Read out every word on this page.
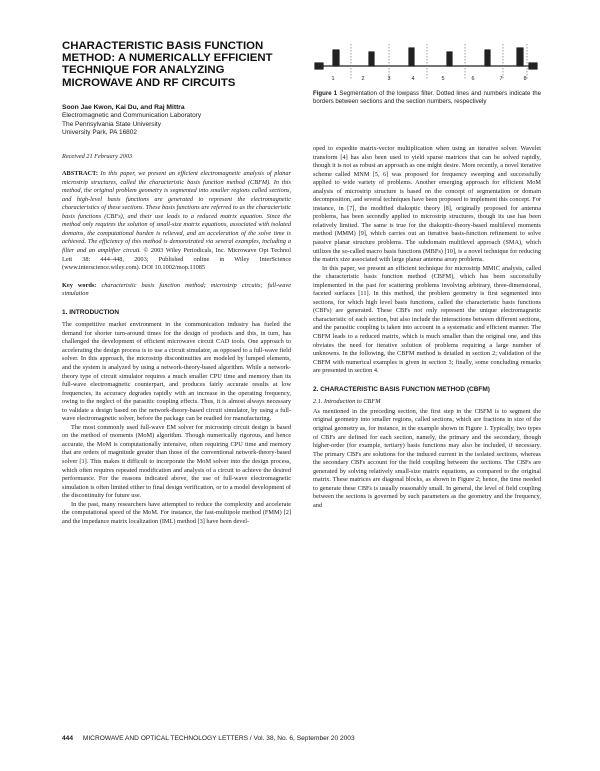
CHARACTERISTIC BASIS FUNCTION METHOD: A NUMERICALLY EFFICIENT TECHNIQUE FOR ANALYZING MICROWAVE AND RF CIRCUITS
Soon Jae Kwon, Kai Du, and Raj Mittra
Electromagnetic and Communication Laboratory
The Pennsylvania State University
University Park, PA 16802
Received 21 February 2003
ABSTRACT: In this paper, we present an efficient electromagnetic analysis of planar microstrip structures, called the characteristic basis function method (CBFM). In this method, the original problem geometry is segmented into smaller regions called sections, and high-level basis functions are generated to represent the electromagnetic characteristics of these sections. These basis functions are referred to as the characteristic basis functions (CBFs), and their use leads to a reduced matrix equation. Since the method only requires the solution of small-size matrix equations, associated with isolated domains, the computational burden is relieved, and an acceleration of the solve time is achieved. The efficiency of this method is demonstrated via several examples, including a filter and an amplifier circuit. © 2003 Wiley Periodicals, Inc. Microwave Opt Technol Lett 38: 444–448, 2003; Published online in Wiley InterScience (www.interscience.wiley.com). DOI 10.1002/mop.11085
Key words: characteristic basis function method; microstrip circuits; full-wave simulation
1. INTRODUCTION

The competitive market environment in the communication industry has fueled the demand for shorter turn-around times for the design of products and this, in turn, has challenged the development of efficient microwave circuit CAD tools. One approach to accelerating the design process is to use a circuit simulator, as opposed to a full-wave field solver. In this approach, the microstrip discontinuities are modeled by lumped elements, and the system is analyzed by using a network-theory-based algorithm. While a network-theory type of circuit simulator requires a much smaller CPU time and memory than its full-wave electromagnetic counterpart, and produces fairly accurate results at low frequencies, its accuracy degrades rapidly with an increase in the operating frequency, owing to the neglect of the parasitic coupling effects. Thus, it is almost always necessary to validate a design based on the network-theory-based circuit simulator, by using a full-wave electromagnetic solver, before the package can be readied for manufacturing.

The most commonly used full-wave EM solver for microstrip circuit design is based on the method of moments (MoM) algorithm. Though numerically rigorous, and hence accurate, the MoM is computationally intensive, often requiring CPU time and memory that are orders of magnitude greater than those of the conventional network-theory-based solver [1]. This makes it difficult to incorporate the MoM solver into the design process, which often requires repeated modification and analysis of a circuit to achieve the desired performance. For the reasons indicated above, the use of full-wave electromagnetic simulation is often limited either to final design verification, or to a model development of the discontinuity for future use.

In the past, many researchers have attempted to reduce the complexity and accelerate the computational speed of the MoM. For instance, the fast-multipole method (FMM) [2] and the impedance matrix localization (IML) method [3] have been devel-

1	2	3	4	5	6	7	8
Figure 1 Segmentation of the lowpass filter. Dotted lines and numbers indicate the borders between sections and the section numbers, respectively

oped to expedite matrix-vector multiplication when using an iterative solver. Wavelet transform [4] has also been used to yield sparse matrices that can be solved rapidly, though it is not as robust an approach as one might desire. More recently, a novel iterative scheme called MNM [5, 6] was proposed for frequency sweeping and successfully applied to wide variety of problems. Another emerging approach for efficient MoM analysis of microstrip structure is based on the concept of segmentation or domain decomposition, and several techniques have been proposed to implement this concept. For instance, in [7], the modified diakoptic theory [8], originally proposed for antenna problems, has been secondly applied to microstrip structures, though its use has been relatively limited. The same is true for the diakoptic-theory-based multilevel moments method (MMM) [9], which carries out an iterative basis-function refinement to solve passive planar structure problems. The subdomain multilevel approach (SMA), which utilizes the so-called macro basis functions (MBFs) [10], is a novel technique for reducing the matrix size associated with large planar antenna array problems.

In this paper, we present an efficient technique for microstrip MMIC analysis, called the characteristic basis function method (CBFM), which has been successfully implemented in the past for scattering problems involving arbitrary, three-dimensional, faceted surfaces [11]. In this method, the problem geometry is first segmented into sections, for which high level basis functions, called the characteristic basis functions (CBFs) are generated. These CBFs not only represent the unique electromagnetic characteristic of each section, but also include the interactions between different sections, and the parasitic coupling is taken into account in a systematic and efficient manner. The CBFM leads to a reduced matrix, which is much smaller than the original one, and this obviates the need for iterative solution of problems requiring a large number of unknowns. In the following, the CBFM method is detailed in section 2; validation of the CBFM with numerical examples is given in section 3; finally, some concluding remarks are presented in section 4.

2. CHARACTERISTIC BASIS FUNCTION METHOD (CBFM)
2.1. Introduction to CBFM

As mentioned in the preceding section, the first step in the CBFM is to segment the original geometry into smaller regions, called sections, which are fractions in size of the original geometry as, for instance, in the example shown in Figure 1. Typically, two types of CBFs are defined for each section, namely, the primary and the secondary, though higher-order (for example, tertiary) basis functions may also be included, if necessary. The primary CBFs are solutions for the induced current in the isolated sections, whereas the secondary CBFs account for the field coupling between the sections. The CBFs are generated by solving relatively small-size matrix equations, as compared to the original matrix. These matrices are diagonal blocks, as shown in Figure 2; hence, the time needed to generate these CBFs is usually reasonably small. In general, the level of field coupling between the sections is governed by such parameters as the geometry and the frequency, and

444 MICROWAVE AND OPTICAL TECHNOLOGY LETTERS / Vol. 38, No. 6, September 20 2003
